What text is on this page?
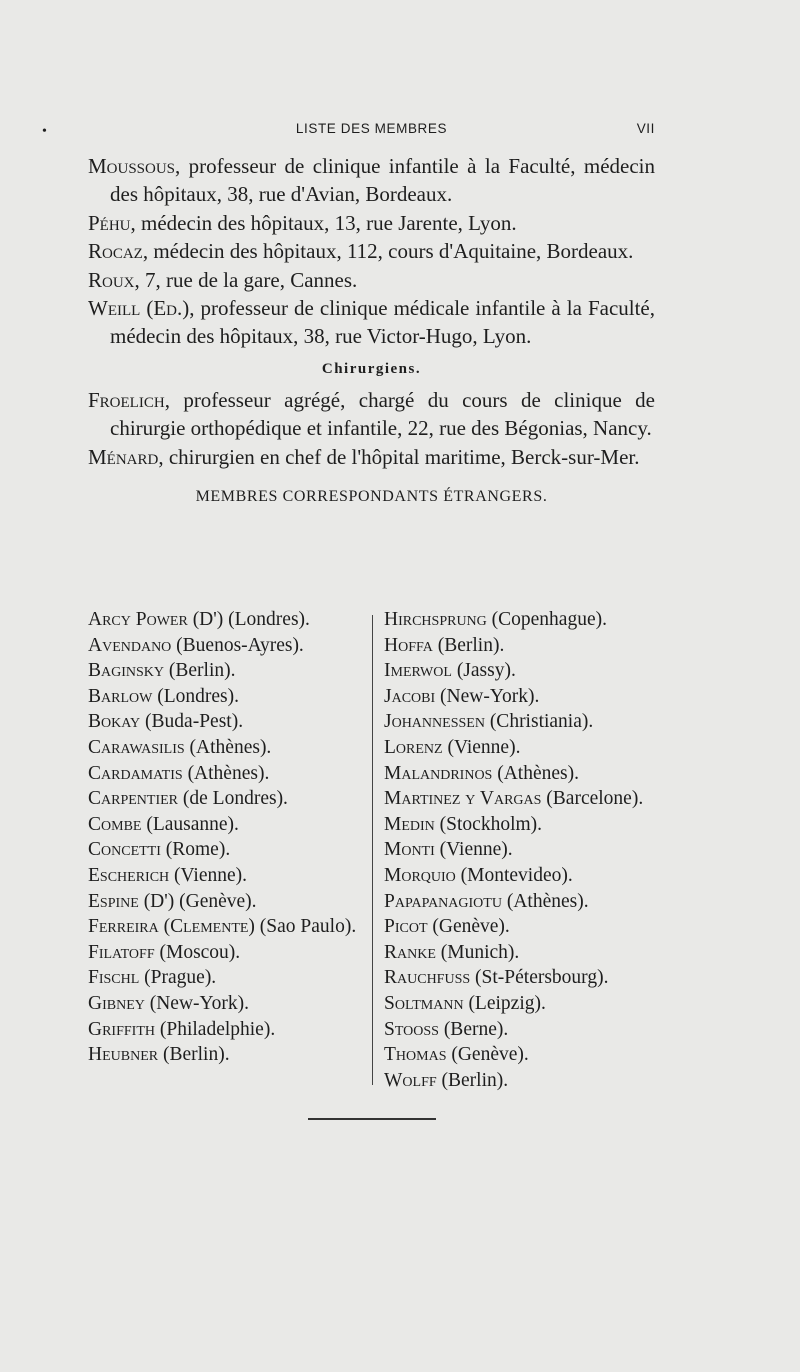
•	LISTE DES MEMBRES	VII
Moussous, professeur de clinique infantile à la Faculté, médecin des hôpitaux, 38, rue d'Avian, Bordeaux.
Péhu, médecin des hôpitaux, 13, rue Jarente, Lyon.
Rocaz, médecin des hôpitaux, 112, cours d'Aquitaine, Bordeaux.
Roux, 7, rue de la gare, Cannes.
Weill (Ed.), professeur de clinique médicale infantile à la Faculté, médecin des hôpitaux, 38, rue Victor-Hugo, Lyon.
Chirurgiens.
Froelich, professeur agrégé, chargé du cours de clinique de chirurgie orthopédique et infantile, 22, rue des Bégonias, Nancy.
Ménard, chirurgien en chef de l'hôpital maritime, Berck-sur-Mer.
MEMBRES CORRESPONDANTS ÉTRANGERS.
Arcy Power (D') (Londres).
Avendano (Buenos-Ayres).
Baginsky (Berlin).
Barlow (Londres).
Bokay (Buda-Pest).
Carawasilis (Athènes).
Cardamatis (Athènes).
Carpentier (de Londres).
Combe (Lausanne).
Concetti (Rome).
Escherich (Vienne).
Espine (D') (Genève).
Ferreira (Clemente) (Sao Paulo).
Filatoff (Moscou).
Fischl (Prague).
Gibney (New-York).
Griffith (Philadelphie).
Heubner (Berlin).
Hirchsprung (Copenhague).
Hoffa (Berlin).
Imerwol (Jassy).
Jacobi (New-York).
Johannessen (Christiania).
Lorenz (Vienne).
Malandrinos (Athènes).
Martinez y Vargas (Barcelone).
Medin (Stockholm).
Monti (Vienne).
Morquio (Montevideo).
Papapanagiotu (Athènes).
Picot (Genève).
Ranke (Munich).
Rauchfuss (St-Pétersbourg).
Soltmann (Leipzig).
Stooss (Berne).
Thomas (Genève).
Wolff (Berlin).
